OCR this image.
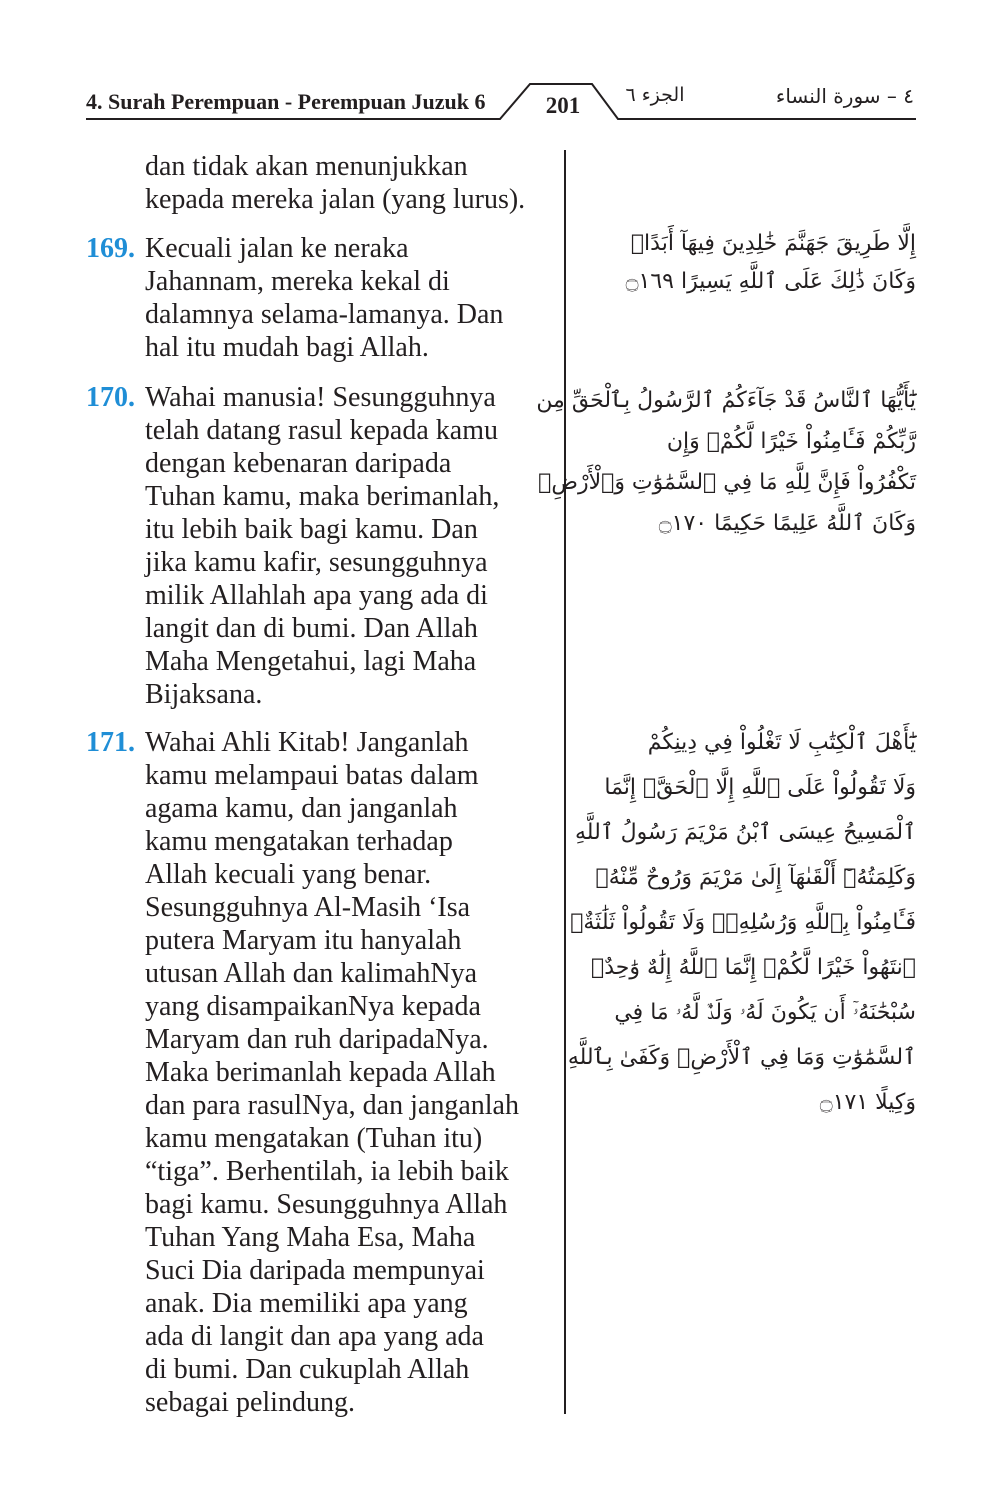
4. Surah Perempuan - Perempuan Juzuk 6	201	الجزء ٦	٤ – سورة النساء
dan tidak akan menunjukkan
kepada mereka jalan (yang lurus).
169. Kecuali jalan ke neraka
Jahannam, mereka kekal di
dalamnya selama-lamanya. Dan
hal itu mudah bagi Allah.
170. Wahai manusia! Sesungguhnya
telah datang rasul kepada kamu
dengan kebenaran daripada
Tuhan kamu, maka berimanlah,
itu lebih baik bagi kamu. Dan
jika kamu kafir, sesungguhnya
milik Allahlah apa yang ada di
langit dan di bumi. Dan Allah
Maha Mengetahui, lagi Maha
Bijaksana.
171. Wahai Ahli Kitab! Janganlah
kamu melampaui batas dalam
agama kamu, dan janganlah
kamu mengatakan terhadap
Allah kecuali yang benar.
Sesungguhnya Al-Masih ‘Isa
putera Maryam itu hanyalah
utusan Allah dan kalimahNya
yang disampaikanNya kepada
Maryam dan ruh daripadaNya.
Maka berimanlah kepada Allah
dan para rasulNya, dan janganlah
kamu mengatakan (Tuhan itu)
“tiga”. Berhentilah, ia lebih baik
bagi kamu. Sesungguhnya Allah
Tuhan Yang Maha Esa, Maha
Suci Dia daripada mempunyai
anak. Dia memiliki apa yang
ada di langit dan apa yang ada
di bumi. Dan cukuplah Allah
sebagai pelindung.
إِلَّا طَرِيقَ جَهَنَّمَ خَٰلِدِينَ فِيهَآ أَبَدًاۚ
وَكَانَ ذَٰلِكَ عَلَى ٱللَّهِ يَسِيرًا ۝١٦٩
يَٰٓأَيُّهَا ٱلنَّاسُ قَدْ جَآءَكُمُ ٱلرَّسُولُ بِٱلْحَقِّ مِن
رَّبِّكُمْ فَـَٔامِنُواْ خَيْرًا لَّكُمْۚ وَإِن
تَكْفُرُواْ فَإِنَّ لِلَّهِ مَا فِي ٱلسَّمَٰوَٰتِ وَٱلْأَرْضِۚ
وَكَانَ ٱللَّهُ عَلِيمًا حَكِيمًا ۝١٧٠
يَٰٓأَهْلَ ٱلْكِتَٰبِ لَا تَغْلُواْ فِي دِينِكُمْ
وَلَا تَقُولُواْ عَلَى ٱللَّهِ إِلَّا ٱلْحَقَّۚ إِنَّمَا
ٱلْمَسِيحُ عِيسَى ٱبْنُ مَرْيَمَ رَسُولُ ٱللَّهِ
وَكَلِمَتُهُۥٓ أَلْقَىٰهَآ إِلَىٰ مَرْيَمَ وَرُوحٌ مِّنْهُۖ
فَـَٔامِنُواْ بِٱللَّهِ وَرُسُلِهِۦۖ وَلَا تَقُولُواْ ثَلَٰثَةٌۚ
ٱنتَهُواْ خَيْرًا لَّكُمْۚ إِنَّمَا ٱللَّهُ إِلَٰهٌ وَٰحِدٌۖ
سُبْحَٰنَهُۥٓ أَن يَكُونَ لَهُۥ وَلَدٌۘ لَّهُۥ مَا فِي
ٱلسَّمَٰوَٰتِ وَمَا فِي ٱلْأَرْضِۗ وَكَفَىٰ بِٱللَّهِ
وَكِيلًا ۝١٧١
